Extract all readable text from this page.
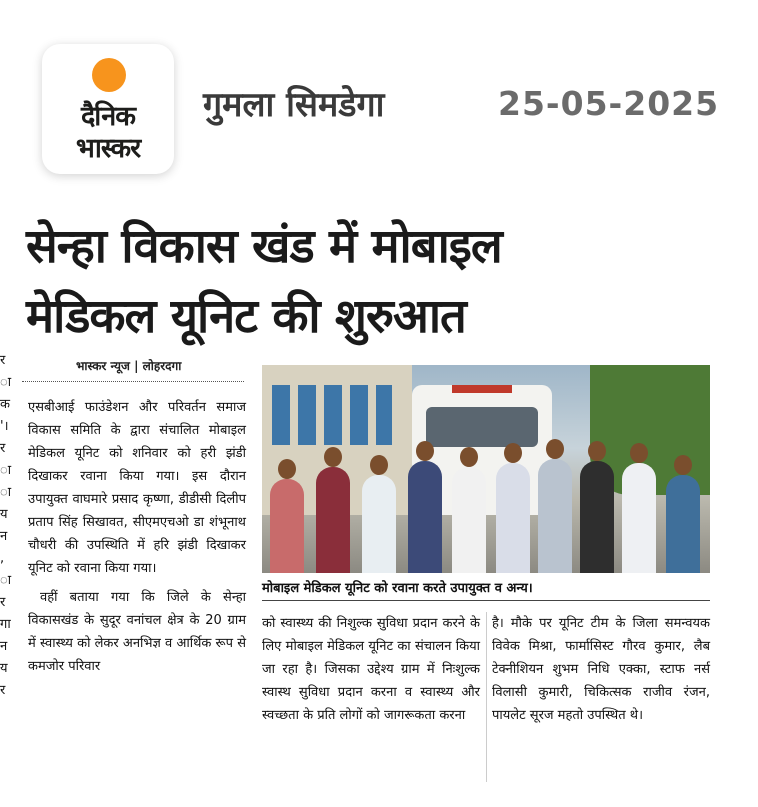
दैनिक
भास्कर
गुमला सिमडेगा	25-05-2025
सेन्हा विकास खंड में मोबाइल
मेडिकल यूनिट की शुरुआत
र
ा
क
'।
र
ा
ा
य
न
,
ा
र
गा
न
य
र
भास्कर न्यूज | लोहरदगा

एसबीआई फाउंडेशन और परिवर्तन समाज विकास समिति के द्वारा संचालित मोबाइल मेडिकल यूनिट को शनिवार को हरी झंडी दिखाकर रवाना किया गया। इस दौरान उपायुक्त वाघमारे प्रसाद कृष्णा, डीडीसी दिलीप प्रताप सिंह सिखावत, सीएमएचओ डा शंभूनाथ चौधरी की उपस्थिति में हरि झंडी दिखाकर यूनिट को रवाना किया गया।

वहीं बताया गया कि जिले के सेन्हा विकासखंड के सुदूर वनांचल क्षेत्र के 20 ग्राम में स्वास्थ्य को लेकर अनभिज्ञ व आर्थिक रूप से कमजोर परिवार

मोबाइल मेडिकल यूनिट को रवाना करते उपायुक्त व अन्य।
को स्वास्थ्य की निशुल्क सुविधा प्रदान करने के लिए मोबाइल मेडिकल यूनिट का संचालन किया जा रहा है। जिसका उद्देश्य ग्राम में निःशुल्क स्वास्थ सुविधा प्रदान करना व स्वास्थ्य और स्वच्छता के प्रति लोगों को जागरूकता करना
है। मौके पर यूनिट टीम के जिला समन्वयक विवेक मिश्रा, फार्मासिस्ट गौरव कुमार, लैब टेक्नीशियन शुभम निधि एक्का, स्टाफ नर्स विलासी कुमारी, चिकित्सक राजीव रंजन, पायलेट सूरज महतो उपस्थित थे।
